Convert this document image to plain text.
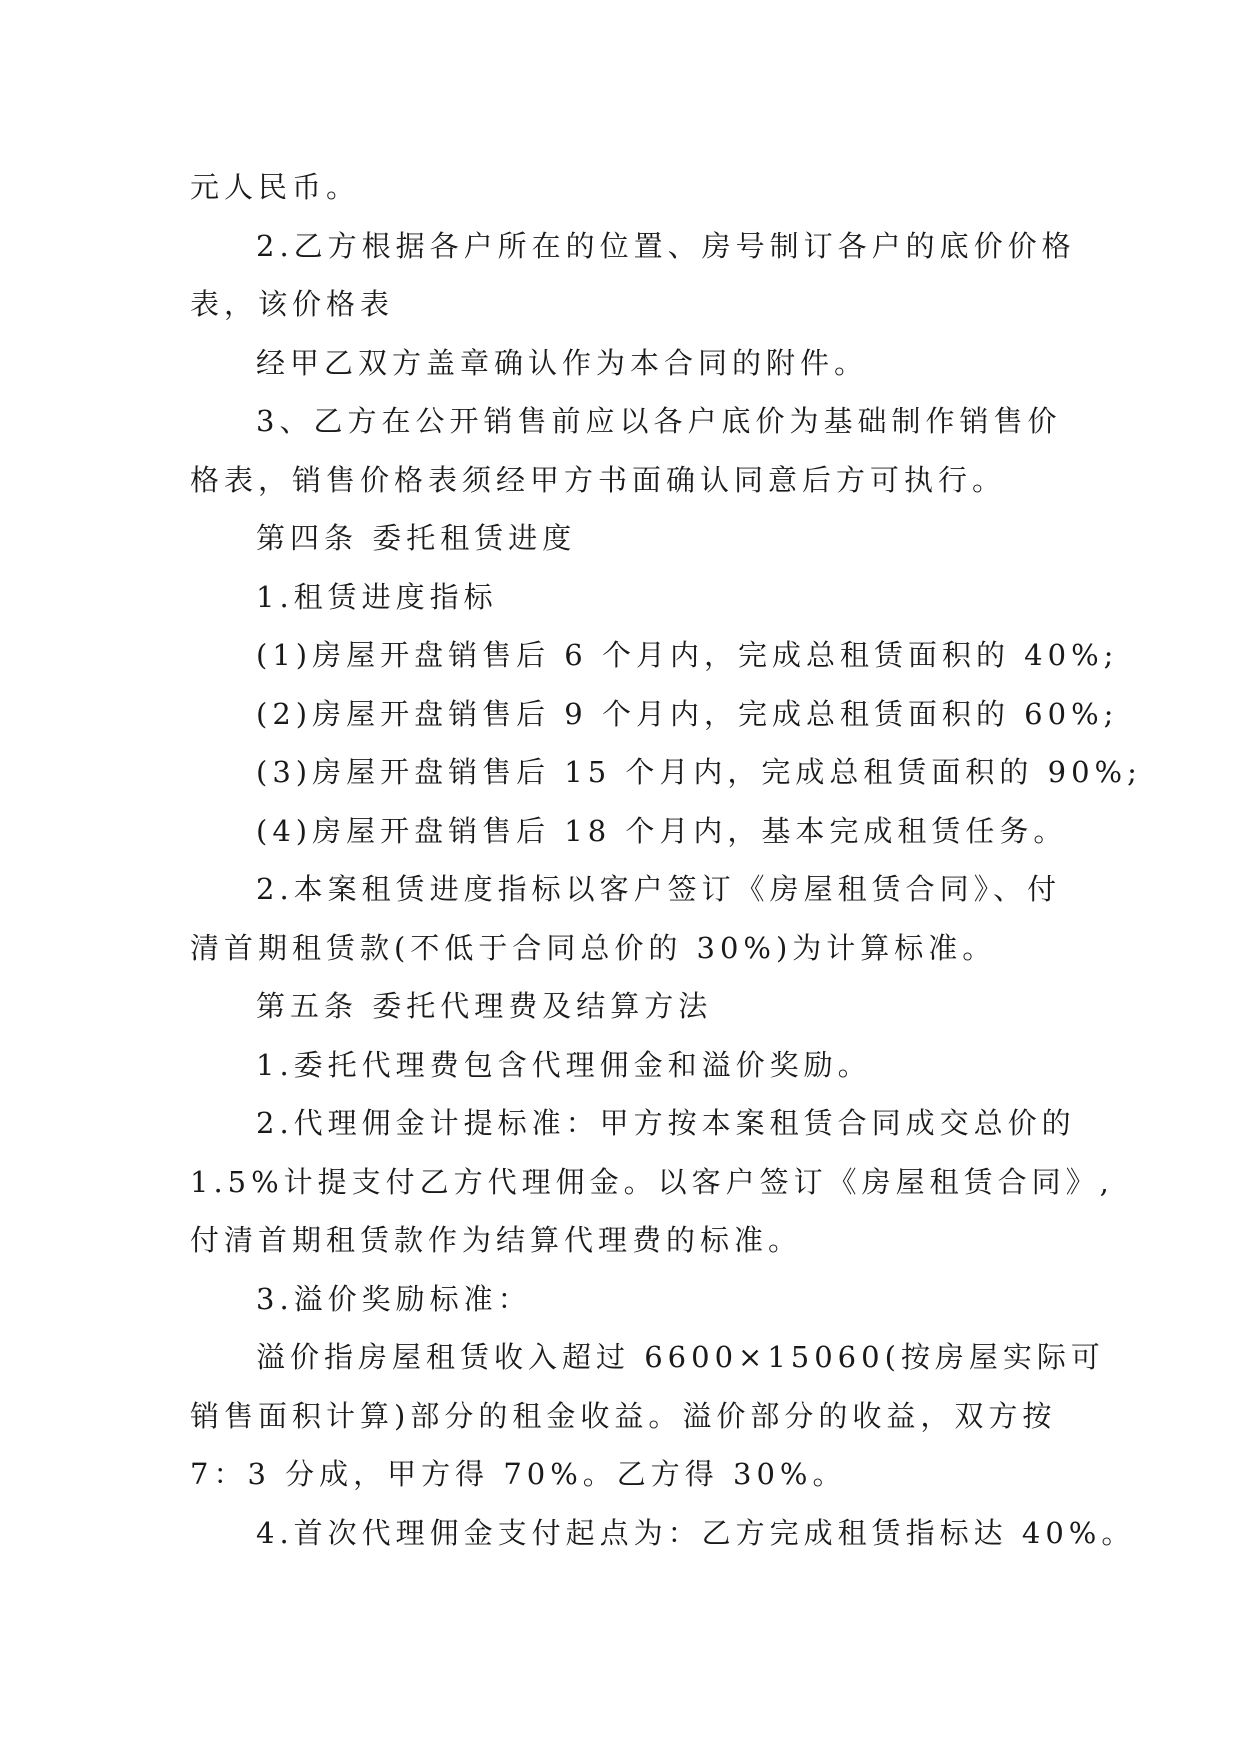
元人民币。

2.乙方根据各户所在的位置、房号制订各户的底价价格

表，该价格表

经甲乙双方盖章确认作为本合同的附件。

3、乙方在公开销售前应以各户底价为基础制作销售价

格表，销售价格表须经甲方书面确认同意后方可执行。

第四条 委托租赁进度

1.租赁进度指标

(1)房屋开盘销售后 6 个月内，完成总租赁面积的 40%;

(2)房屋开盘销售后 9 个月内，完成总租赁面积的 60%;

(3)房屋开盘销售后 15 个月内，完成总租赁面积的 90%;

(4)房屋开盘销售后 18 个月内，基本完成租赁任务。

2.本案租赁进度指标以客户签订《房屋租赁合同》、付

清首期租赁款(不低于合同总价的 30%)为计算标准。

第五条 委托代理费及结算方法

1.委托代理费包含代理佣金和溢价奖励。

2.代理佣金计提标准：甲方按本案租赁合同成交总价的

1.5%计提支付乙方代理佣金。以客户签订《房屋租赁合同》,

付清首期租赁款作为结算代理费的标准。

3.溢价奖励标准：

溢价指房屋租赁收入超过 6600×15060(按房屋实际可

销售面积计算)部分的租金收益。溢价部分的收益，双方按

7：3 分成，甲方得 70%。乙方得 30%。

4.首次代理佣金支付起点为：乙方完成租赁指标达 40%。
